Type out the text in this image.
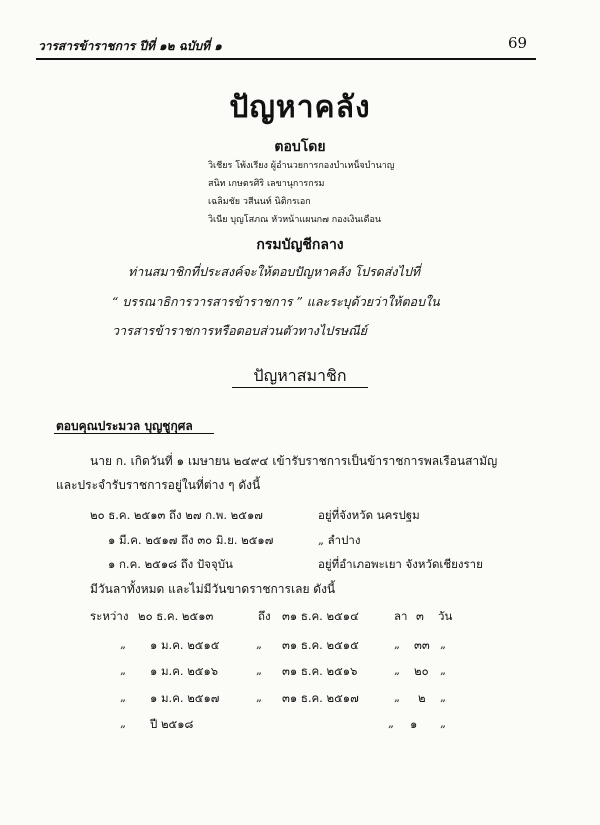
วารสารข้าราชการ ปีที่ ๑๒ ฉบับที่ ๑	69
ปัญหาคลัง
ตอบโดย
วิเชียร โพ้งเรียง ผู้อำนวยการกองบำเหน็จบำนาญ
สนิท เกษตรศิริ เลขานุการกรม
เฉลิมชัย วสีนนท์ นิติกรเอก
วิเนีย บุญโสภณ หัวหน้าแผนก๗ กองเงินเดือน
กรมบัญชีกลาง
ท่านสมาชิกที่ประสงค์จะให้ตอบปัญหาคลัง โปรดส่งไปที่
“ บรรณาธิการวารสารข้าราชการ ” และระบุด้วยว่าให้ตอบใน
วารสารข้าราชการหรือตอบส่วนตัวทางไปรษณีย์
ปัญหาสมาชิก
ตอบคุณประมวล บุญชูกุศล
นาย ก. เกิดวันที่ ๑ เมษายน ๒๔๙๔ เข้ารับราชการเป็นข้าราชการพลเรือนสามัญ
และประจำรับราชการอยู่ในที่ต่าง ๆ ดังนี้
๒๐ ธ.ค. ๒๕๑๓ ถึง ๒๗ ก.พ. ๒๕๑๗	อยู่ที่จังหวัด นครปฐม
๑ มี.ค. ๒๕๑๗ ถึง ๓๐ มิ.ย. ๒๕๑๗	„ ลำปาง
๑ ก.ค. ๒๕๑๘ ถึง ปัจจุบัน	อยู่ที่อำเภอพะเยา จังหวัดเชียงราย
มีวันลาทั้งหมด และไม่มีวันขาดราชการเลย ดังนี้
ระหว่าง ๒๐ ธ.ค. ๒๕๑๓	ถึง ๓๑ ธ.ค. ๒๕๑๔	ลา ๓ วัน
„ ๑ ม.ค. ๒๕๑๕	„ ๓๑ ธ.ค. ๒๕๑๕	„ ๓๓ „
„ ๑ ม.ค. ๒๕๑๖	„ ๓๑ ธ.ค. ๒๕๑๖	„ ๒๐ „
„ ๑ ม.ค. ๒๕๑๗	„ ๓๑ ธ.ค. ๒๕๑๗	„ ๒ „
„ ปี ๒๕๑๘	„ ๑ „
